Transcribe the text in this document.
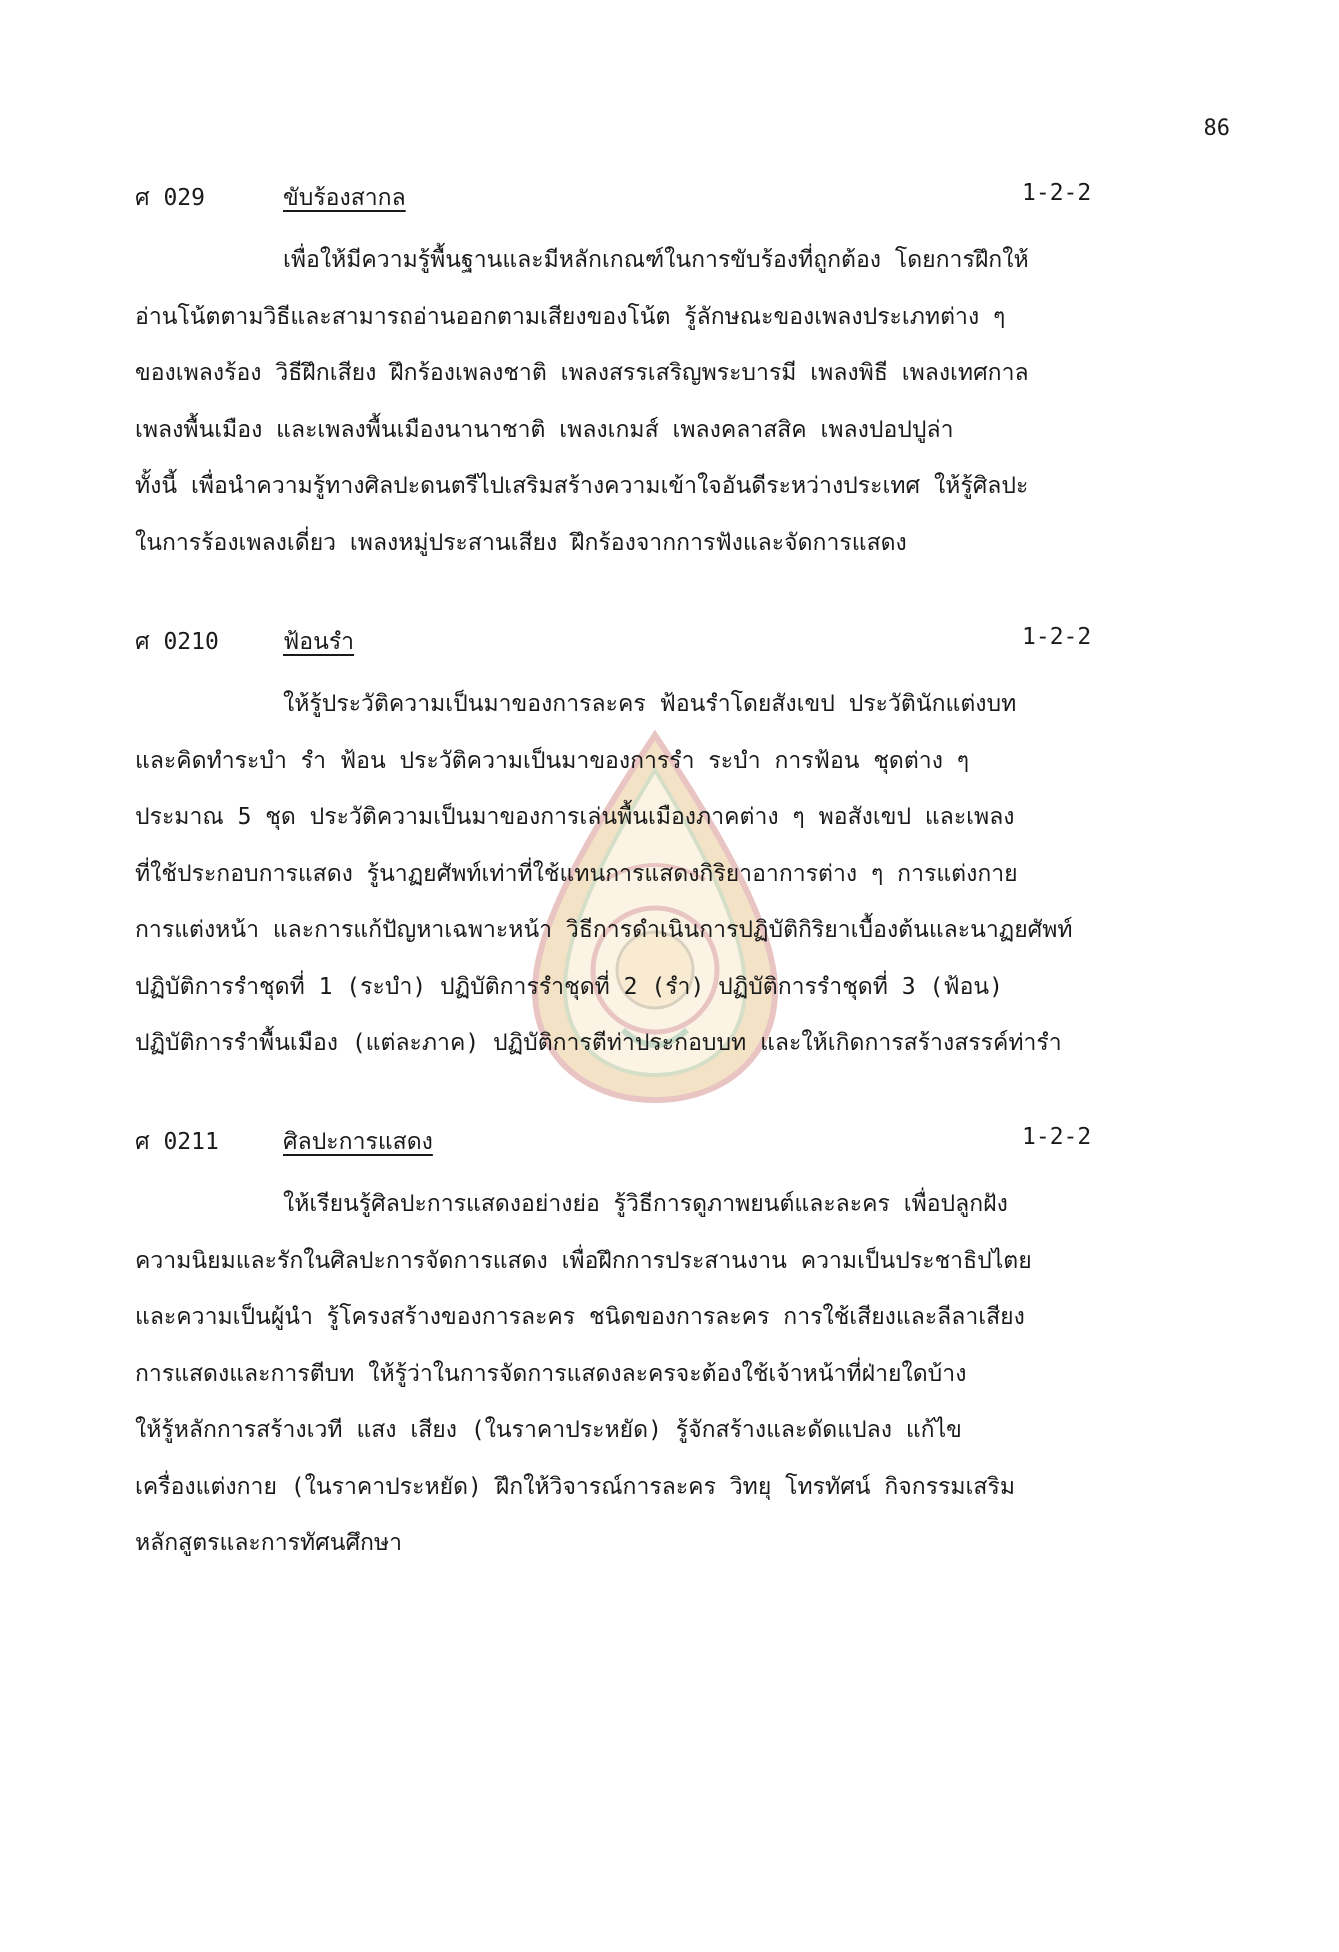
86
ศ 029	ขับร้องสากล	1-2-2
เพื่อให้มีความรู้พื้นฐานและมีหลักเกณฑ์ในการขับร้องที่ถูกต้อง โดยการฝึกให้
อ่านโน้ตตามวิธีและสามารถอ่านออกตามเสียงของโน้ต รู้ลักษณะของเพลงประเภทต่าง ๆ
ของเพลงร้อง วิธีฝึกเสียง ฝึกร้องเพลงชาติ เพลงสรรเสริญพระบารมี เพลงพิธี เพลงเทศกาล
เพลงพื้นเมือง และเพลงพื้นเมืองนานาชาติ เพลงเกมส์ เพลงคลาสสิค เพลงปอปปูล่า
ทั้งนี้ เพื่อนำความรู้ทางศิลปะดนตรีไปเสริมสร้างความเข้าใจอันดีระหว่างประเทศ ให้รู้ศิลปะ
ในการร้องเพลงเดี่ยว เพลงหมู่ประสานเสียง ฝึกร้องจากการฟังและจัดการแสดง
ศ 0210	ฟ้อนรำ	1-2-2
ให้รู้ประวัติความเป็นมาของการละคร ฟ้อนรำโดยสังเขป ประวัตินักแต่งบท
และคิดทำระบำ รำ ฟ้อน ประวัติความเป็นมาของการรำ ระบำ การฟ้อน ชุดต่าง ๆ
ประมาณ 5 ชุด ประวัติความเป็นมาของการเล่นพื้นเมืองภาคต่าง ๆ พอสังเขป และเพลง
ที่ใช้ประกอบการแสดง รู้นาฏยศัพท์เท่าที่ใช้แทนการแสดงกิริยาอาการต่าง ๆ การแต่งกาย
การแต่งหน้า และการแก้ปัญหาเฉพาะหน้า วิธีการดำเนินการปฏิบัติกิริยาเบื้องต้นและนาฏยศัพท์
ปฏิบัติการรำชุดที่ 1 (ระบำ) ปฏิบัติการรำชุดที่ 2 (รำ) ปฏิบัติการรำชุดที่ 3 (ฟ้อน)
ปฏิบัติการรำพื้นเมือง (แต่ละภาค) ปฏิบัติการตีท่าประกอบบท และให้เกิดการสร้างสรรค์ท่ารำ
ศ 0211	ศิลปะการแสดง	1-2-2
ให้เรียนรู้ศิลปะการแสดงอย่างย่อ รู้วิธีการดูภาพยนต์และละคร เพื่อปลูกฝัง
ความนิยมและรักในศิลปะการจัดการแสดง เพื่อฝึกการประสานงาน ความเป็นประชาธิปไตย
และความเป็นผู้นำ รู้โครงสร้างของการละคร ชนิดของการละคร การใช้เสียงและลีลาเสียง
การแสดงและการตีบท ให้รู้ว่าในการจัดการแสดงละครจะต้องใช้เจ้าหน้าที่ฝ่ายใดบ้าง
ให้รู้หลักการสร้างเวที แสง เสียง (ในราคาประหยัด) รู้จักสร้างและดัดแปลง แก้ไข
เครื่องแต่งกาย (ในราคาประหยัด) ฝึกให้วิจารณ์การละคร วิทยุ โทรทัศน์ กิจกรรมเสริม
หลักสูตรและการทัศนศึกษา
